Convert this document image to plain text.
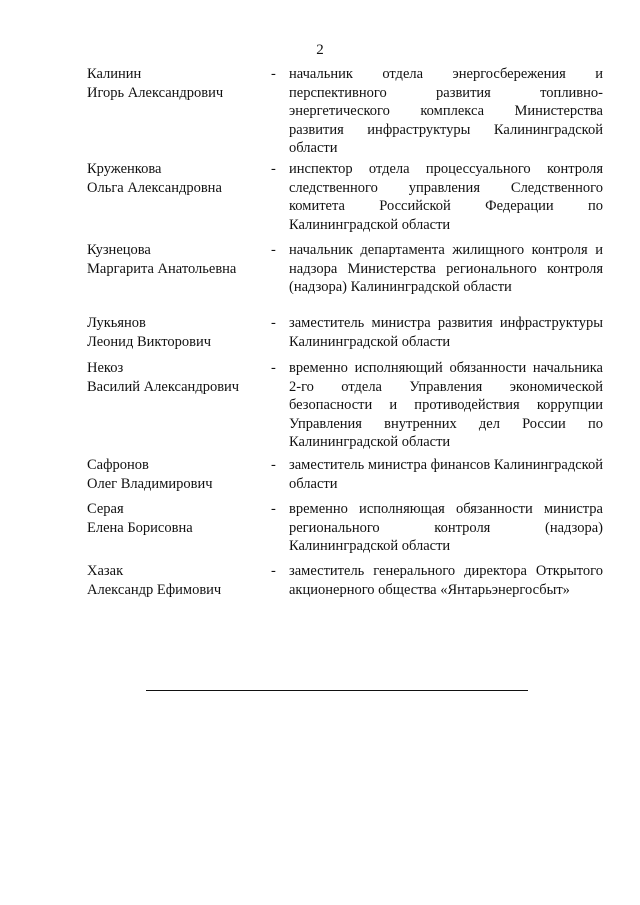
2
Калинин
Игорь Александрович
- начальник отдела энергосбережения и перспективного развития топливно-энергетического комплекса Министерства развития инфраструктуры Калининградской области
Круженкова
Ольга Александровна
- инспектор отдела процессуального контроля следственного управления Следственного комитета Российской Федерации по Калининградской области
Кузнецова
Маргарита Анатольевна
- начальник департамента жилищного контроля и надзора Министерства регионального контроля (надзора) Калининградской области
Лукьянов
Леонид Викторович
- заместитель министра развития инфраструктуры Калининградской области
Некоз
Василий Александрович
- временно исполняющий обязанности начальника 2-го отдела Управления экономической безопасности и противодействия коррупции Управления внутренних дел России по Калининградской области
Сафронов
Олег Владимирович
- заместитель министра финансов Калининградской области
Серая
Елена Борисовна
- временно исполняющая обязанности министра регионального контроля (надзора) Калининградской области
Хазак
Александр Ефимович
- заместитель генерального директора Открытого акционерного общества «Янтарьэнергосбыт»
